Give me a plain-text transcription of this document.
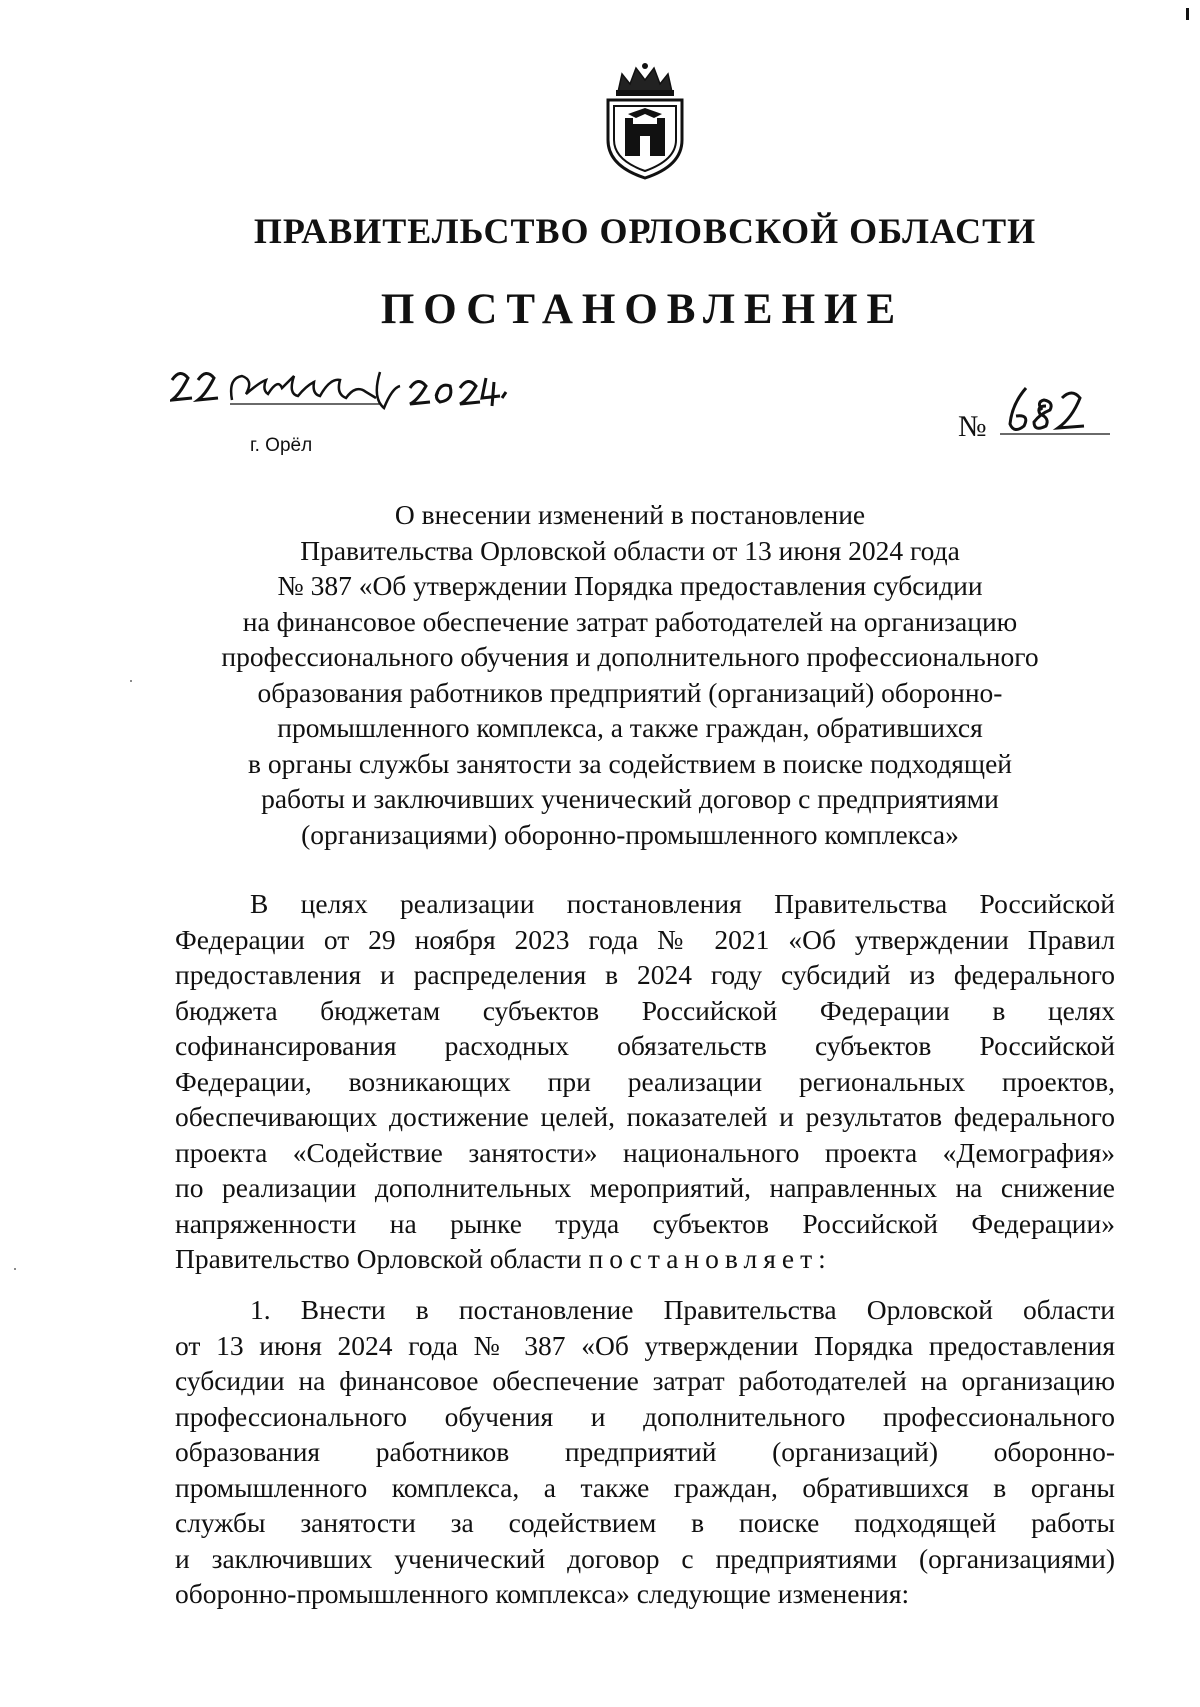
ПРАВИТЕЛЬСТВО ОРЛОВСКОЙ ОБЛАСТИ
ПОСТАНОВЛЕНИЕ
г. Орёл
№
О внесении изменений в постановление
Правительства Орловской области от 13 июня 2024 года
№ 387 «Об утверждении Порядка предоставления субсидии
на финансовое обеспечение затрат работодателей на организацию
профессионального обучения и дополнительного профессионального
образования работников предприятий (организаций) оборонно-
промышленного комплекса, а также граждан, обратившихся
в органы службы занятости за содействием в поиске подходящей
работы и заключивших ученический договор с предприятиями
(организациями) оборонно-промышленного комплекса»
В целях реализации постановления Правительства Российской
Федерации от 29 ноября 2023 года № 2021 «Об утверждении Правил
предоставления и распределения в 2024 году субсидий из федерального
бюджета бюджетам субъектов Российской Федерации в целях
софинансирования расходных обязательств субъектов Российской
Федерации, возникающих при реализации региональных проектов,
обеспечивающих достижение целей, показателей и результатов федерального
проекта «Содействие занятости» национального проекта «Демография»
по реализации дополнительных мероприятий, направленных на снижение
напряженности на рынке труда субъектов Российской Федерации»
Правительство Орловской области постановляет:
1. Внести в постановление Правительства Орловской области
от 13 июня 2024 года № 387 «Об утверждении Порядка предоставления
субсидии на финансовое обеспечение затрат работодателей на организацию
профессионального обучения и дополнительного профессионального
образования работников предприятий (организаций) оборонно-
промышленного комплекса, а также граждан, обратившихся в органы
службы занятости за содействием в поиске подходящей работы
и заключивших ученический договор с предприятиями (организациями)
оборонно-промышленного комплекса» следующие изменения:
